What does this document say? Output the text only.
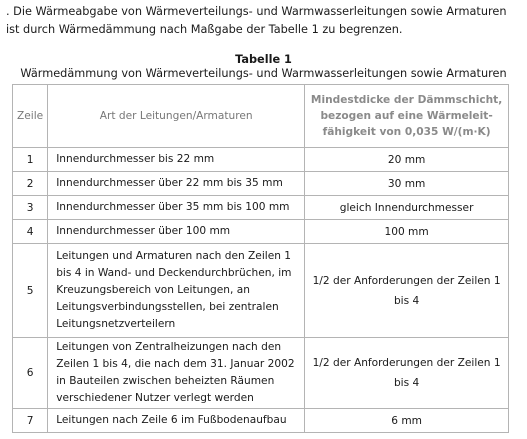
. Die Wärmeabgabe von Wärmeverteilungs- und Warmwasserleitungen sowie Armaturen ist durch Wärmedämmung nach Maßgabe der Tabelle 1 zu begrenzen.

Tabelle 1
Wärmedämmung von Wärmeverteilungs- und Warmwasserleitungen sowie Armaturen
Zeile	Art der Leitungen/Armaturen	Mindestdicke der Dämmschicht, bezogen auf eine Wärmeleit-fähigkeit von 0,035 W/(m·K)
1	Innendurchmesser bis 22 mm	20 mm
2	Innendurchmesser über 22 mm bis 35 mm	30 mm
3	Innendurchmesser über 35 mm bis 100 mm	gleich Innendurchmesser
4	Innendurchmesser über 100 mm	100 mm
5	Leitungen und Armaturen nach den Zeilen 1 bis 4 in Wand- und Deckendurchbrüchen, im Kreuzungsbereich von Leitungen, an Leitungsverbindungsstellen, bei zentralen Leitungsnetzverteilern	1/2 der Anforderungen der Zeilen 1 bis 4
6	Leitungen von Zentralheizungen nach den Zeilen 1 bis 4, die nach dem 31. Januar 2002 in Bauteilen zwischen beheizten Räumen verschiedener Nutzer verlegt werden	1/2 der Anforderungen der Zeilen 1 bis 4
7	Leitungen nach Zeile 6 im Fußbodenaufbau	6 mm
